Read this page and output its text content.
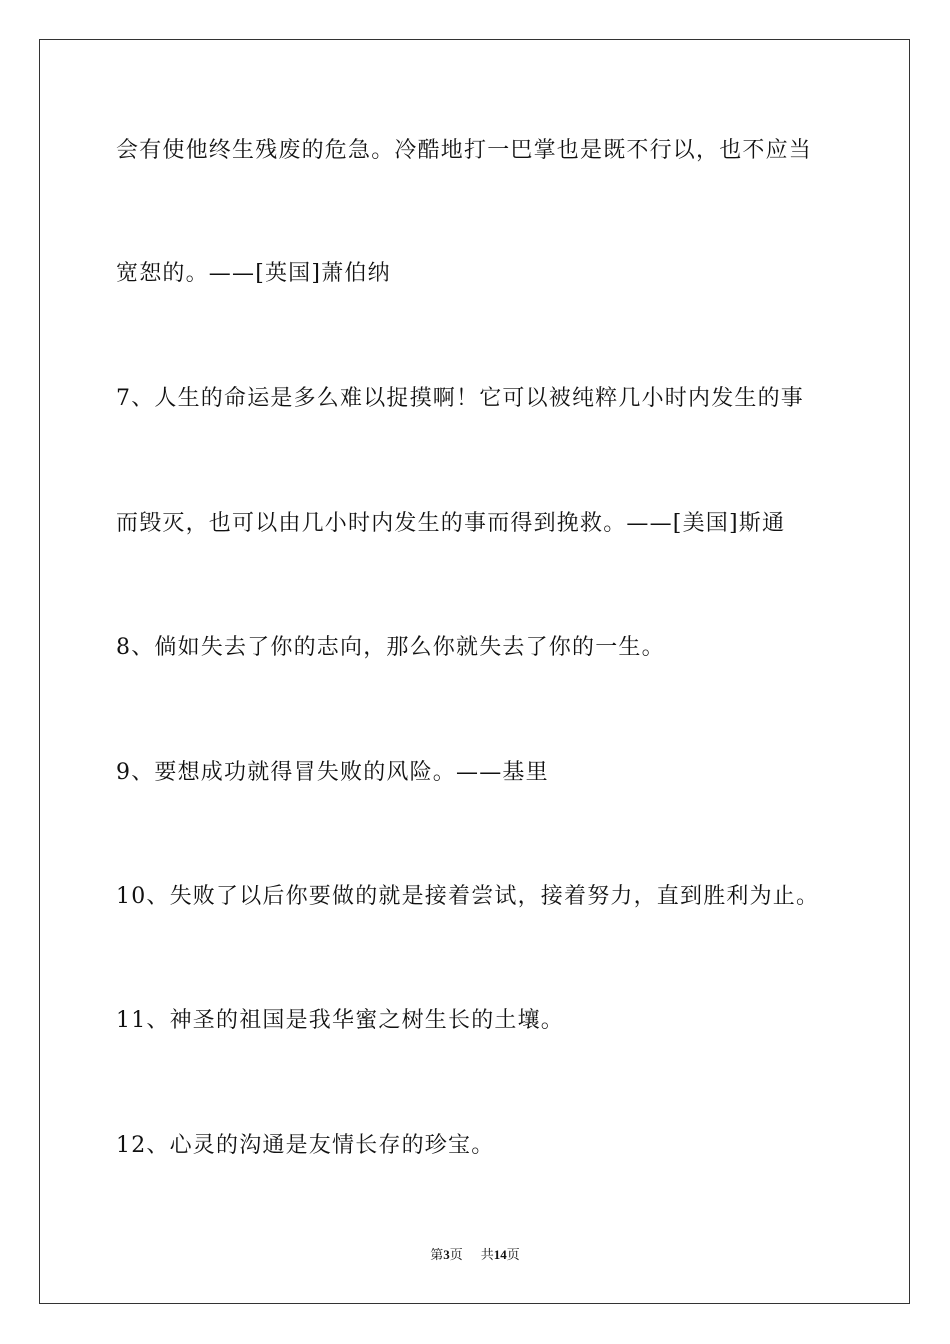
会有使他终生残废的危急。冷酷地打一巴掌也是既不行以，也不应当
宽恕的。——[英国]萧伯纳
7、人生的命运是多么难以捉摸啊！它可以被纯粹几小时内发生的事
而毁灭，也可以由几小时内发生的事而得到挽救。——[美国]斯通
8、倘如失去了你的志向，那么你就失去了你的一生。
9、要想成功就得冒失败的风险。——基里
10、失败了以后你要做的就是接着尝试，接着努力，直到胜利为止。
11、神圣的祖国是我华蜜之树生长的土壤。
12、心灵的沟通是友情长存的珍宝。
第3页 共14页
